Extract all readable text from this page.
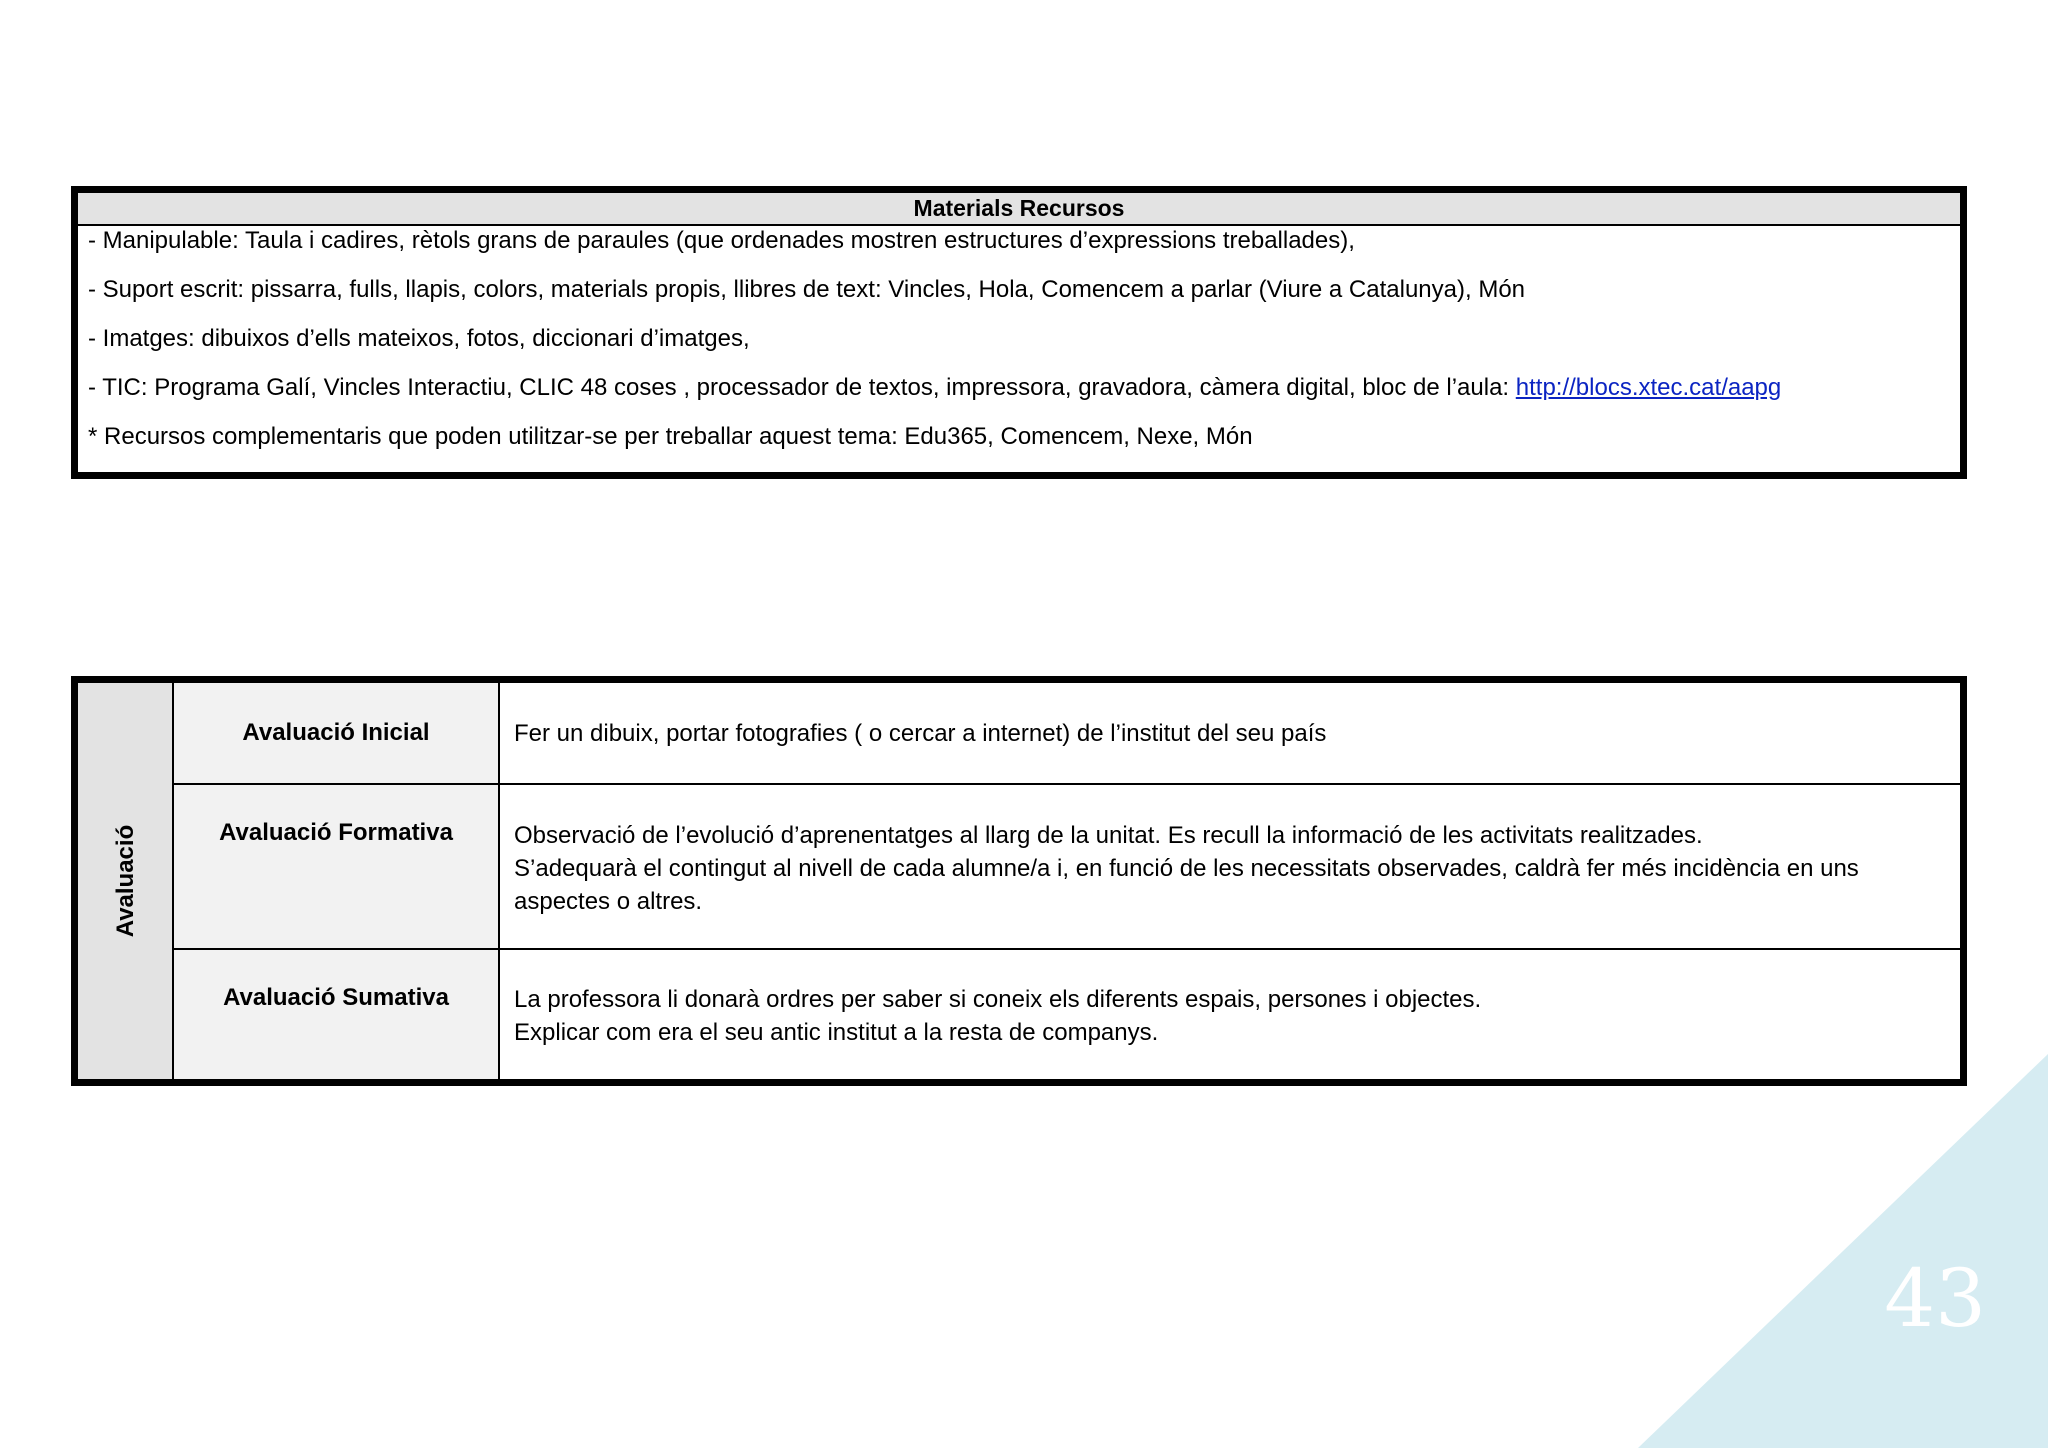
Materials Recursos
- Manipulable: Taula i cadires, rètols grans de paraules (que ordenades mostren estructures d’expressions treballades),
- Suport escrit: pissarra, fulls, llapis, colors, materials propis, llibres de text: Vincles, Hola, Comencem a parlar (Viure a Catalunya), Món
- Imatges: dibuixos d’ells mateixos, fotos, diccionari d’imatges,
- TIC: Programa Galí, Vincles Interactiu, CLIC 48 coses , processador de textos, impressora, gravadora, càmera digital, bloc de l’aula: http://blocs.xtec.cat/aapg
* Recursos complementaris que poden utilitzar-se per treballar aquest tema: Edu365, Comencem, Nexe, Món
Avaluació
Avaluació Inicial	Fer un dibuix, portar fotografies ( o cercar a internet) de l’institut del seu país

Avaluació Formativa	Observació de l’evolució d’aprenentatges al llarg de la unitat. Es recull la informació de les activitats realitzades.

S’adequarà el contingut al nivell de cada alumne/a i, en funció de les necessitats observades, caldrà fer més incidència en uns aspectes o altres.

Avaluació Sumativa	La professora li donarà ordres per saber si coneix els diferents espais, persones i objectes.

Explicar com era el seu antic institut a la resta de companys.

43
